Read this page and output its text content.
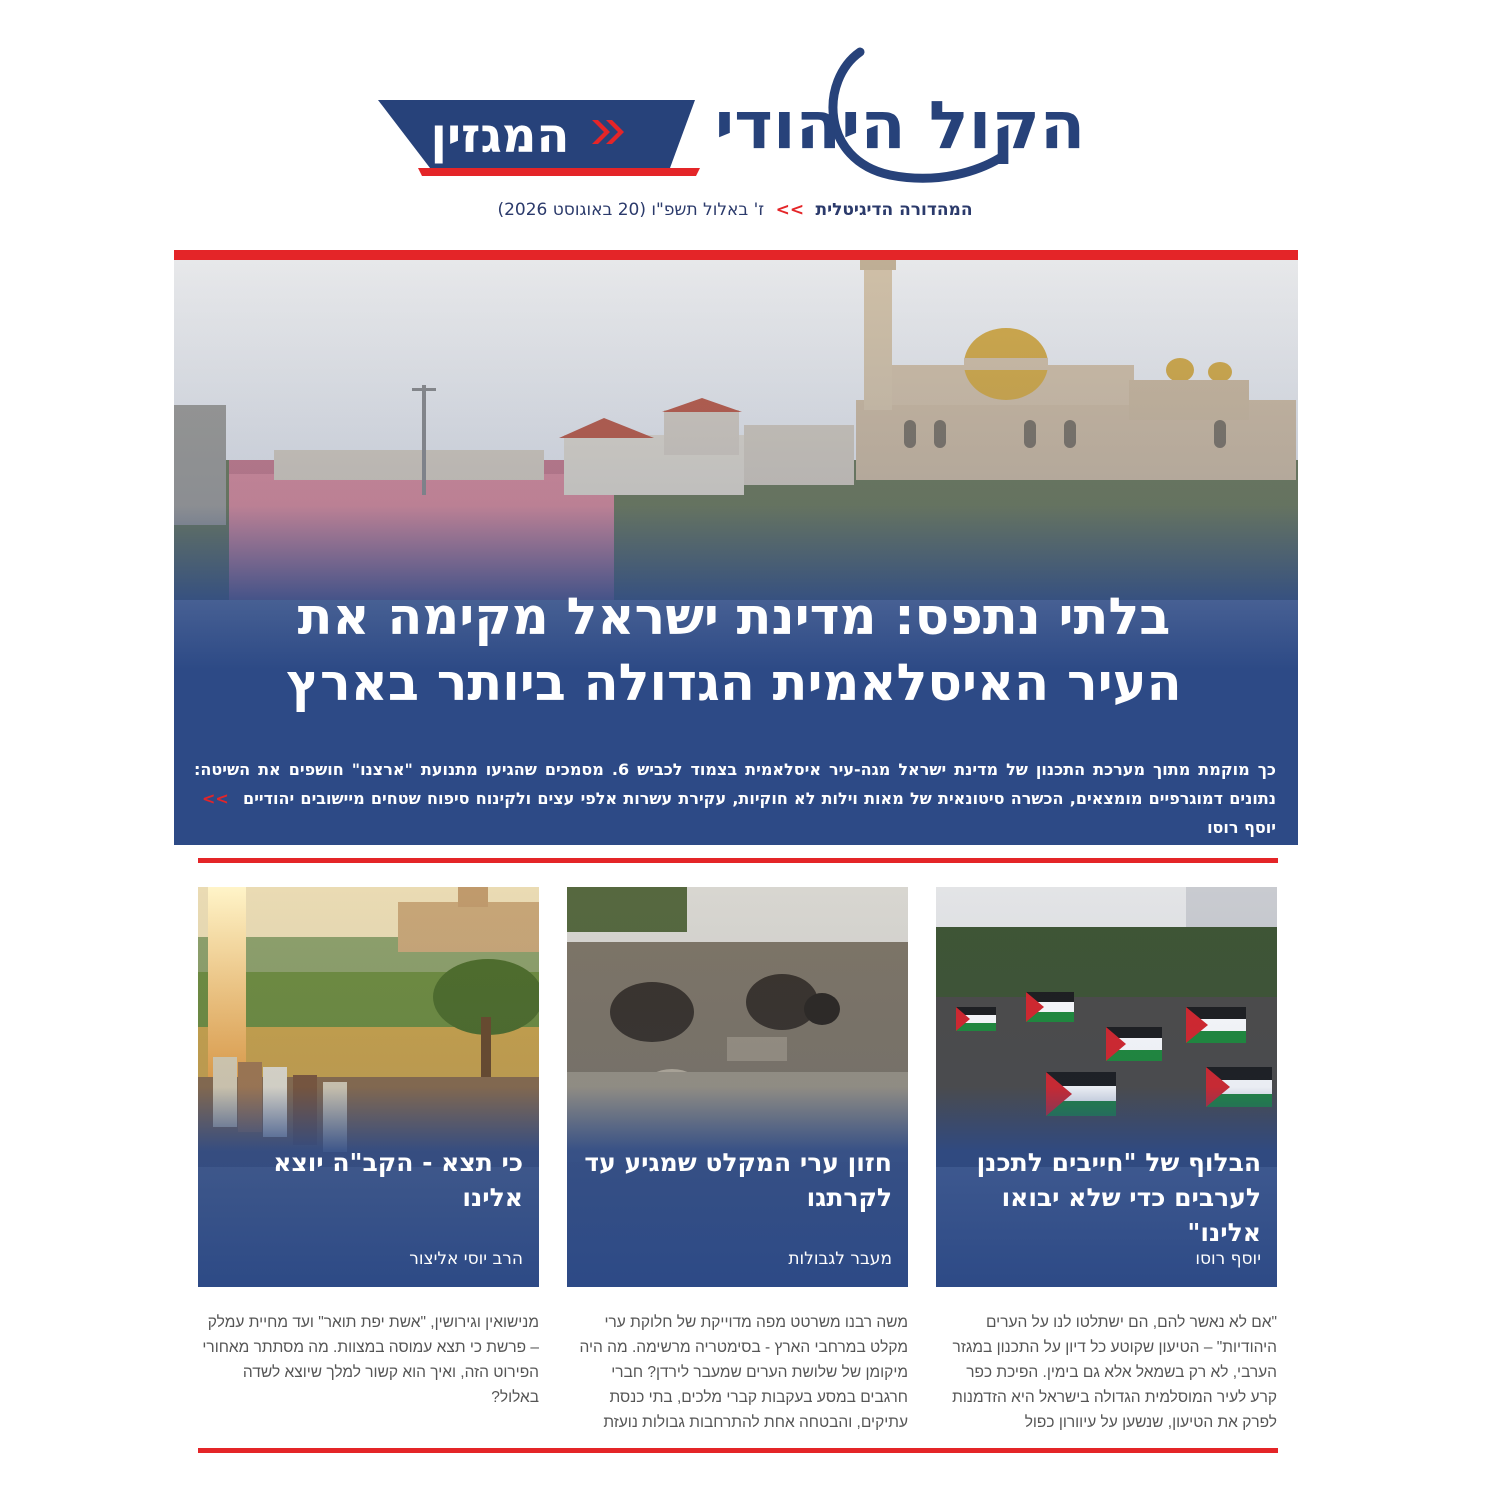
המגזין הקול היהודי
המהדורה הדיגיטלית >> ז' באלול תשפ"ו (20 באוגוסט 2026)
בלתי נתפס: מדינת ישראל מקימה את
העיר האיסלאמית הגדולה ביותר בארץ
כך מוקמת מתוך מערכת התכנון של מדינת ישראל מגה-עיר איסלאמית בצמוד לכביש 6. מסמכים שהגיעו מתנועת "ארצנו" חושפים את השיטה: נתונים דמוגרפיים מומצאים, הכשרה סיטונאית של מאות וילות לא חוקיות, עקירת עשרות אלפי עצים ולקינוח סיפוח שטחים מיישובים יהודיים >> יוסף רוסו
הבלוף של "חייבים לתכנן לערבים כדי שלא יבואו אלינו"
יוסף רוסו
חזון ערי המקלט שמגיע עד לקרתגו
מעבר לגבולות
כי תצא - הקב"ה יוצא אלינו
הרב יוסי אליצור
"אם לא נאשר להם, הם ישתלטו לנו על הערים היהודיות" – הטיעון שקוטע כל דיון על התכנון במגזר הערבי, לא רק בשמאל אלא גם בימין. הפיכת כפר קרע לעיר המוסלמית הגדולה בישראל היא הזדמנות לפרק את הטיעון, שנשען על עיוורון כפול
משה רבנו משרטט מפה מדוייקת של חלוקת ערי מקלט במרחבי הארץ - בסימטריה מרשימה. מה היה מיקומן של שלושת הערים שמעבר לירדן? חברי חרגבים במסע בעקבות קברי מלכים, בתי כנסת עתיקים, והבטחה אחת להתרחבות גבולות נועזת
מנישואין וגירושין, "אשת יפת תואר" ועד מחיית עמלק – פרשת כי תצא עמוסה במצוות. מה מסתתר מאחורי הפירוט הזה, ואיך הוא קשור למלך שיוצא לשדה באלול?
